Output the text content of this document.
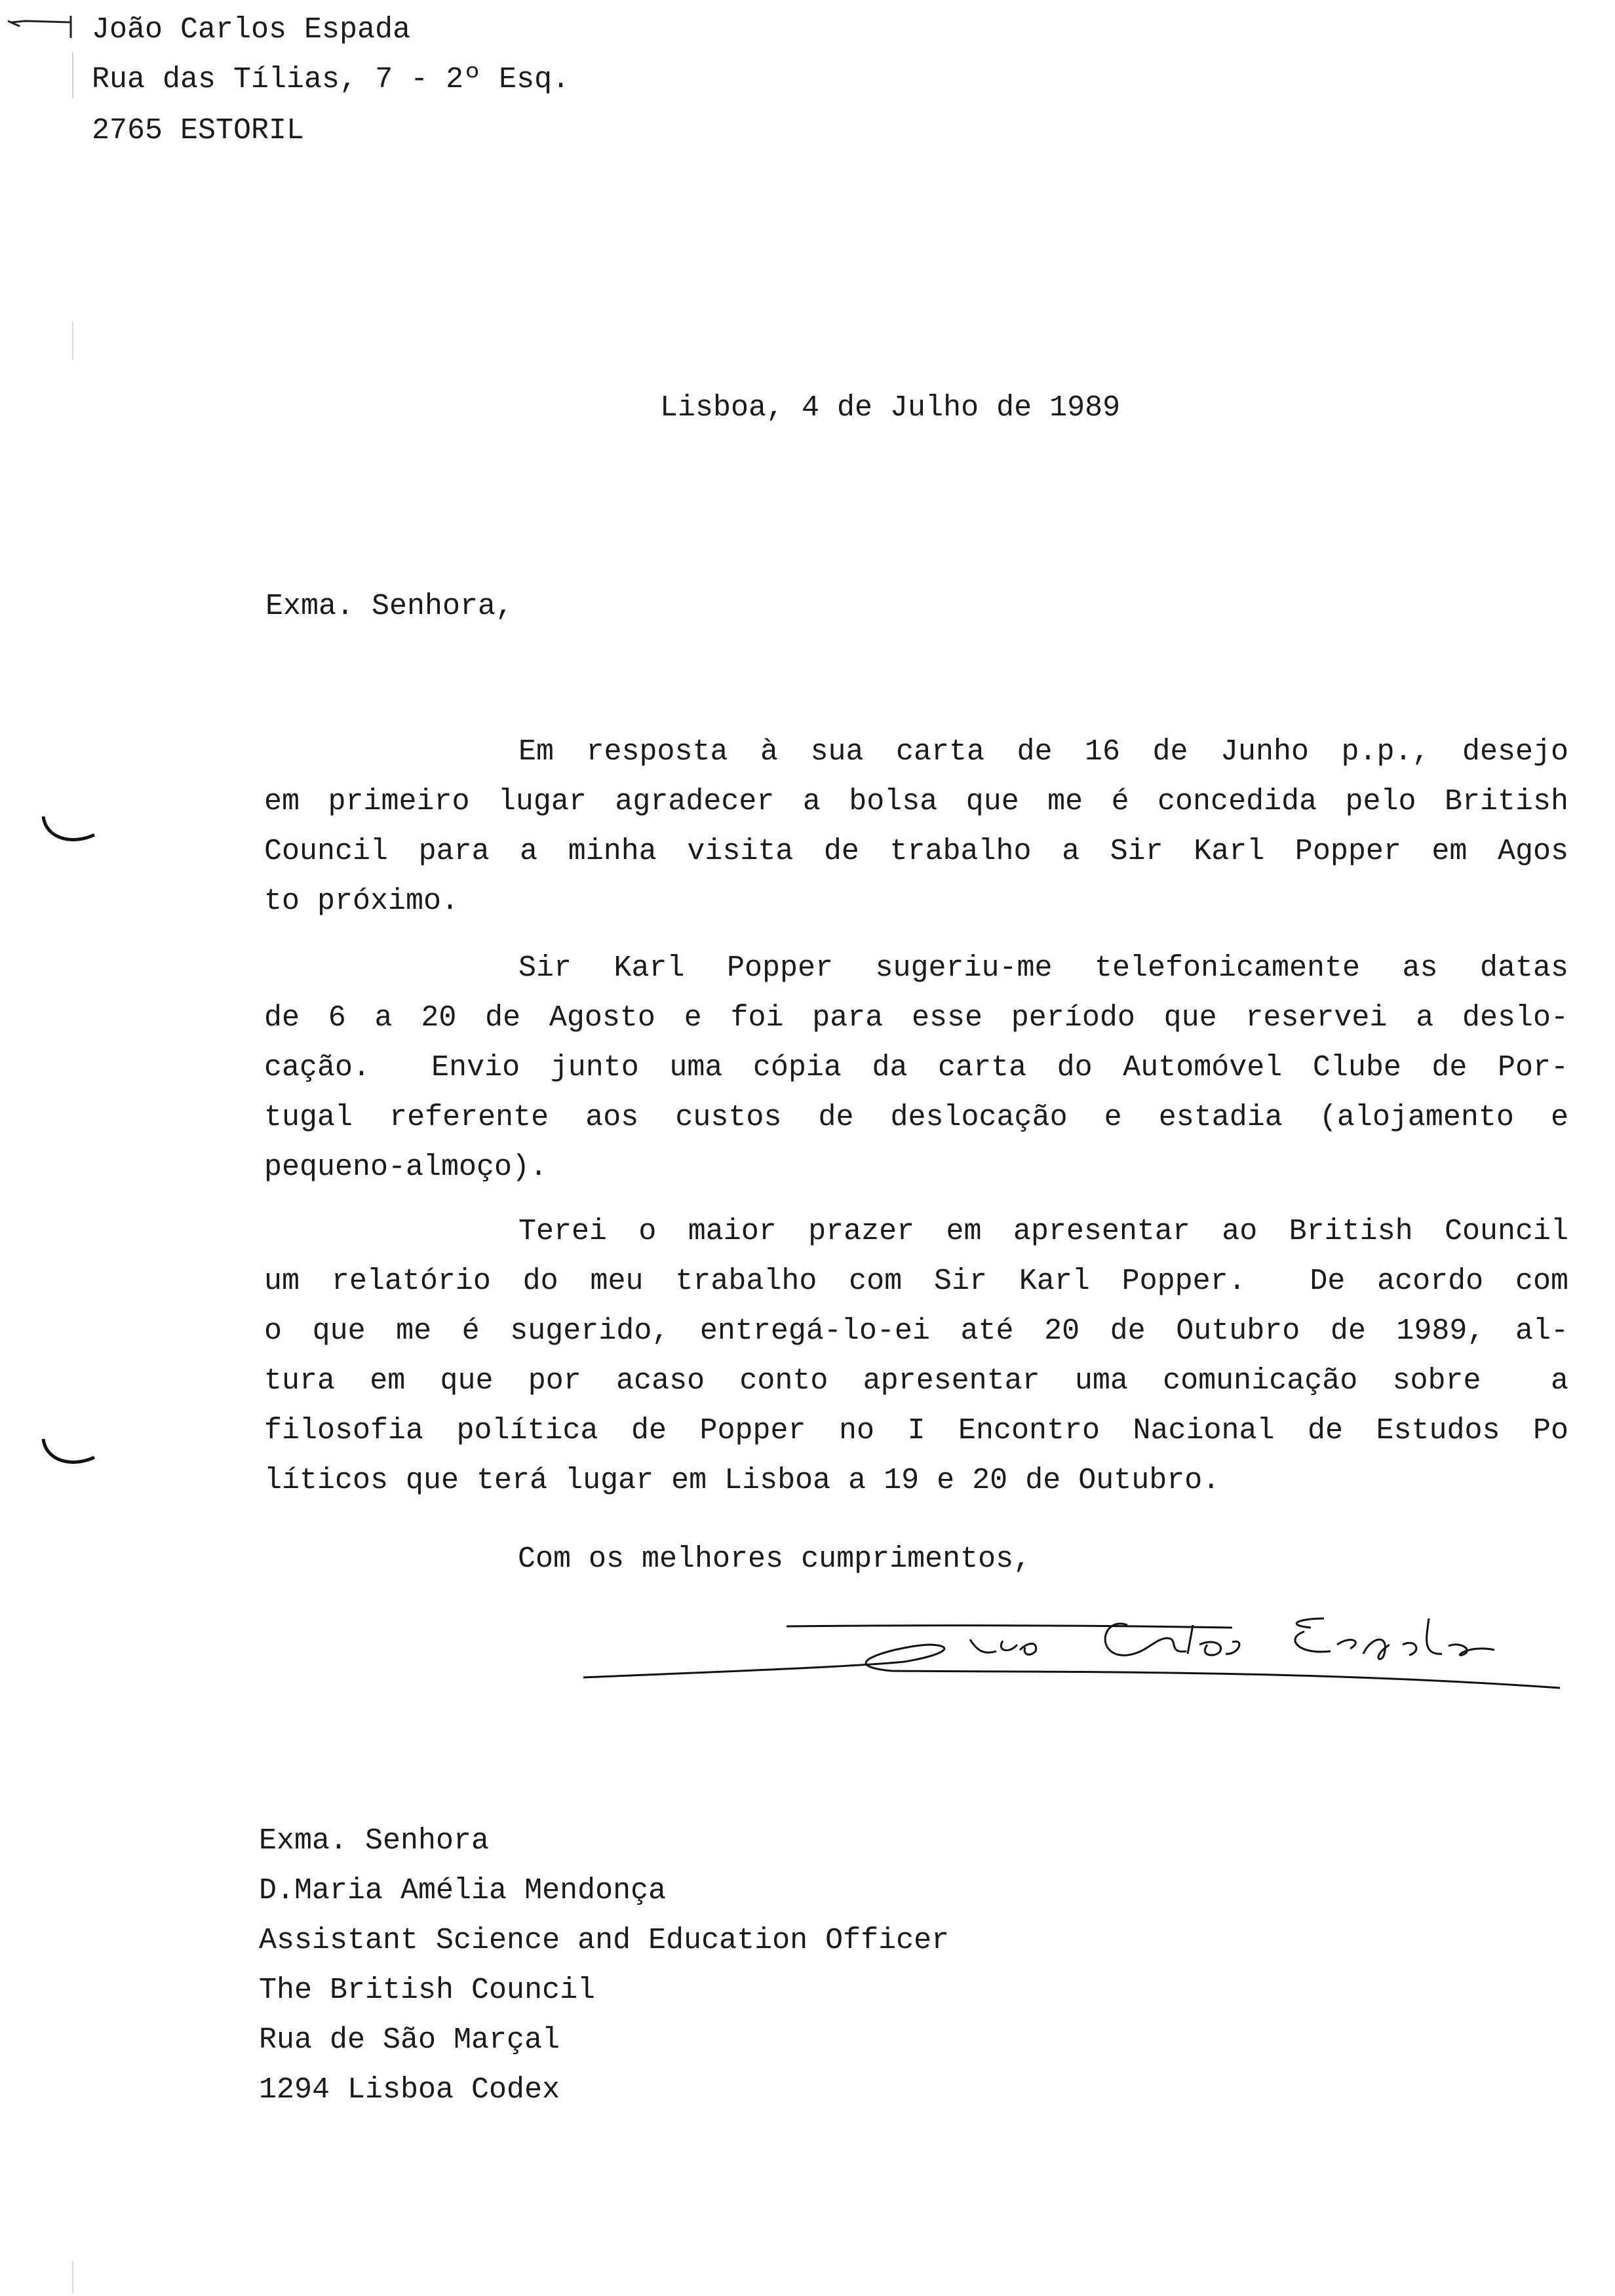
João Carlos Espada
Rua das Tílias, 7 - 2º Esq.
2765 ESTORIL
Lisboa, 4 de Julho de 1989
Exma. Senhora,
Em resposta à sua carta de 16 de Junho p.p., desejo
em primeiro lugar agradecer a bolsa que me é concedida pelo British
Council para a minha visita de trabalho a Sir Karl Popper em Agos
to próximo.
Sir Karl Popper sugeriu-me telefonicamente as datas
de 6 a 20 de Agosto e foi para esse período que reservei a deslo-
cação.  Envio junto uma cópia da carta do Automóvel Clube de Por-
tugal referente aos custos de deslocação e estadia (alojamento e
pequeno-almoço).
Terei o maior prazer em apresentar ao British Council
um relatório do meu trabalho com Sir Karl Popper.  De acordo com
o que me é sugerido, entregá-lo-ei até 20 de Outubro de 1989, al-
tura em que por acaso conto apresentar uma comunicação sobre  a
filosofia política de Popper no I Encontro Nacional de Estudos Po
líticos que terá lugar em Lisboa a 19 e 20 de Outubro.
Com os melhores cumprimentos,
Exma. Senhora
D.Maria Amélia Mendonça
Assistant Science and Education Officer
The British Council
Rua de São Marçal
1294 Lisboa Codex
